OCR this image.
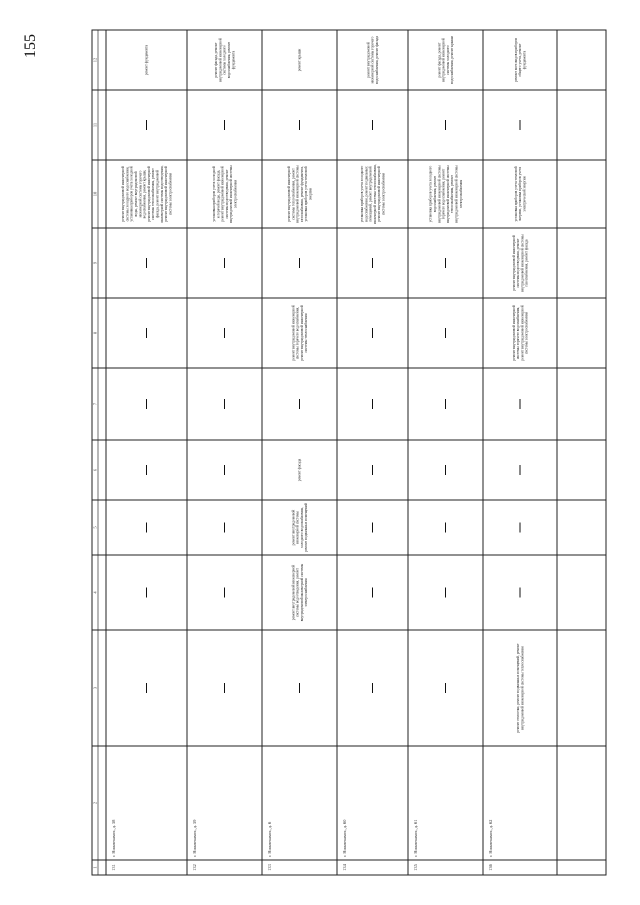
155
1
2
3
4
5
6
7
8
9
10
11
12
131
г. Нижнекамск, д. 58
ремонт внутридомовой инженерной системы холодного водоснабжения, установка приборов учета холодной воды, ремонт внутридомовой инженерной системы горячего водоснабжения, ремонт крыши, ремонт внутридомовой инженерной системы теплоснабжения, ремонт фасада, ремонт внутридомовой инженерной системы водоотведения, ремонт внутридомовой инженерной системы электроснабжения
ремонт фундамента
132
г. Нижнекамск, д. 59
установка приборов учета холодной и горячей воды, ремонт фасада, ремонт внутридомовой инженерной системы водоотведения, ремонт внутридомовой инженерной системы электроснабжения
ремонт фасада, ремонт внутридомовой инженерной системы холодного водоснабжения, ремонт фундамента
133
г. Нижнекамск, д. 6
ремонт внутридомовой инженерной системы водоотведения, ремонт внутридомовой инженерной системы электроснабжения
ремонт внутридомовой инженерной системы холодного водоснабжения, ремонт подвальных помещений
ремонт фасада
ремонт внутридомовой инженерной системы горячего водоснабжения, ремонт внутридомовой инженерной системы теплоснабжения
ремонт внутридомовой инженерной системы теплоснабжения, ремонт внутридомовой инженерной системы газоснабжения, ремонт фундамента, установка приборов учета тепловой энергии
ремонт крыши
134
г. Нижнекамск, д. 60
установка приборов учета холодного водоснабжения, ремонт подвальных помещений, ремонт внутридомовой инженерной системы теплоснабжения, ремонт внутридомовой инженерной системы электроснабжения
ремонт внутридомовой инженерной системы горячего водоснабжения, ремонт фасада
135
г. Нижнекамск, д. 61
установка приборов учета холодного водоснабжения, ремонт внутридомовой инженерной системы горячего водоснабжения, ремонт внутридомовой инженерной системы теплоснабжения, ремонт внутридомовой инженерной системы электроснабжения
ремонт фасада, ремонт внутридомовой инженерной системы холодного водоснабжения, ремонт крыши
136
г. Нижнекамск, д. 62
ремонт отмостки, ремонт подвальных помещений, ремонт внутридомовой инженерной системы теплоснабжения
ремонт внутридомовой инженерной системы горячего водоснабжения, ремонт внутридомовой инженерной системы электроснабжения
ремонт внутридомовой инженерной системы водоотведения, ремонт внутридомовой инженерной системы газоснабжения, ремонт фасада
установка приборов учета тепловой энергии, установка приборов учета электрической энергии
ремонт всех видов приборов общего учета, ремонт фундамента
